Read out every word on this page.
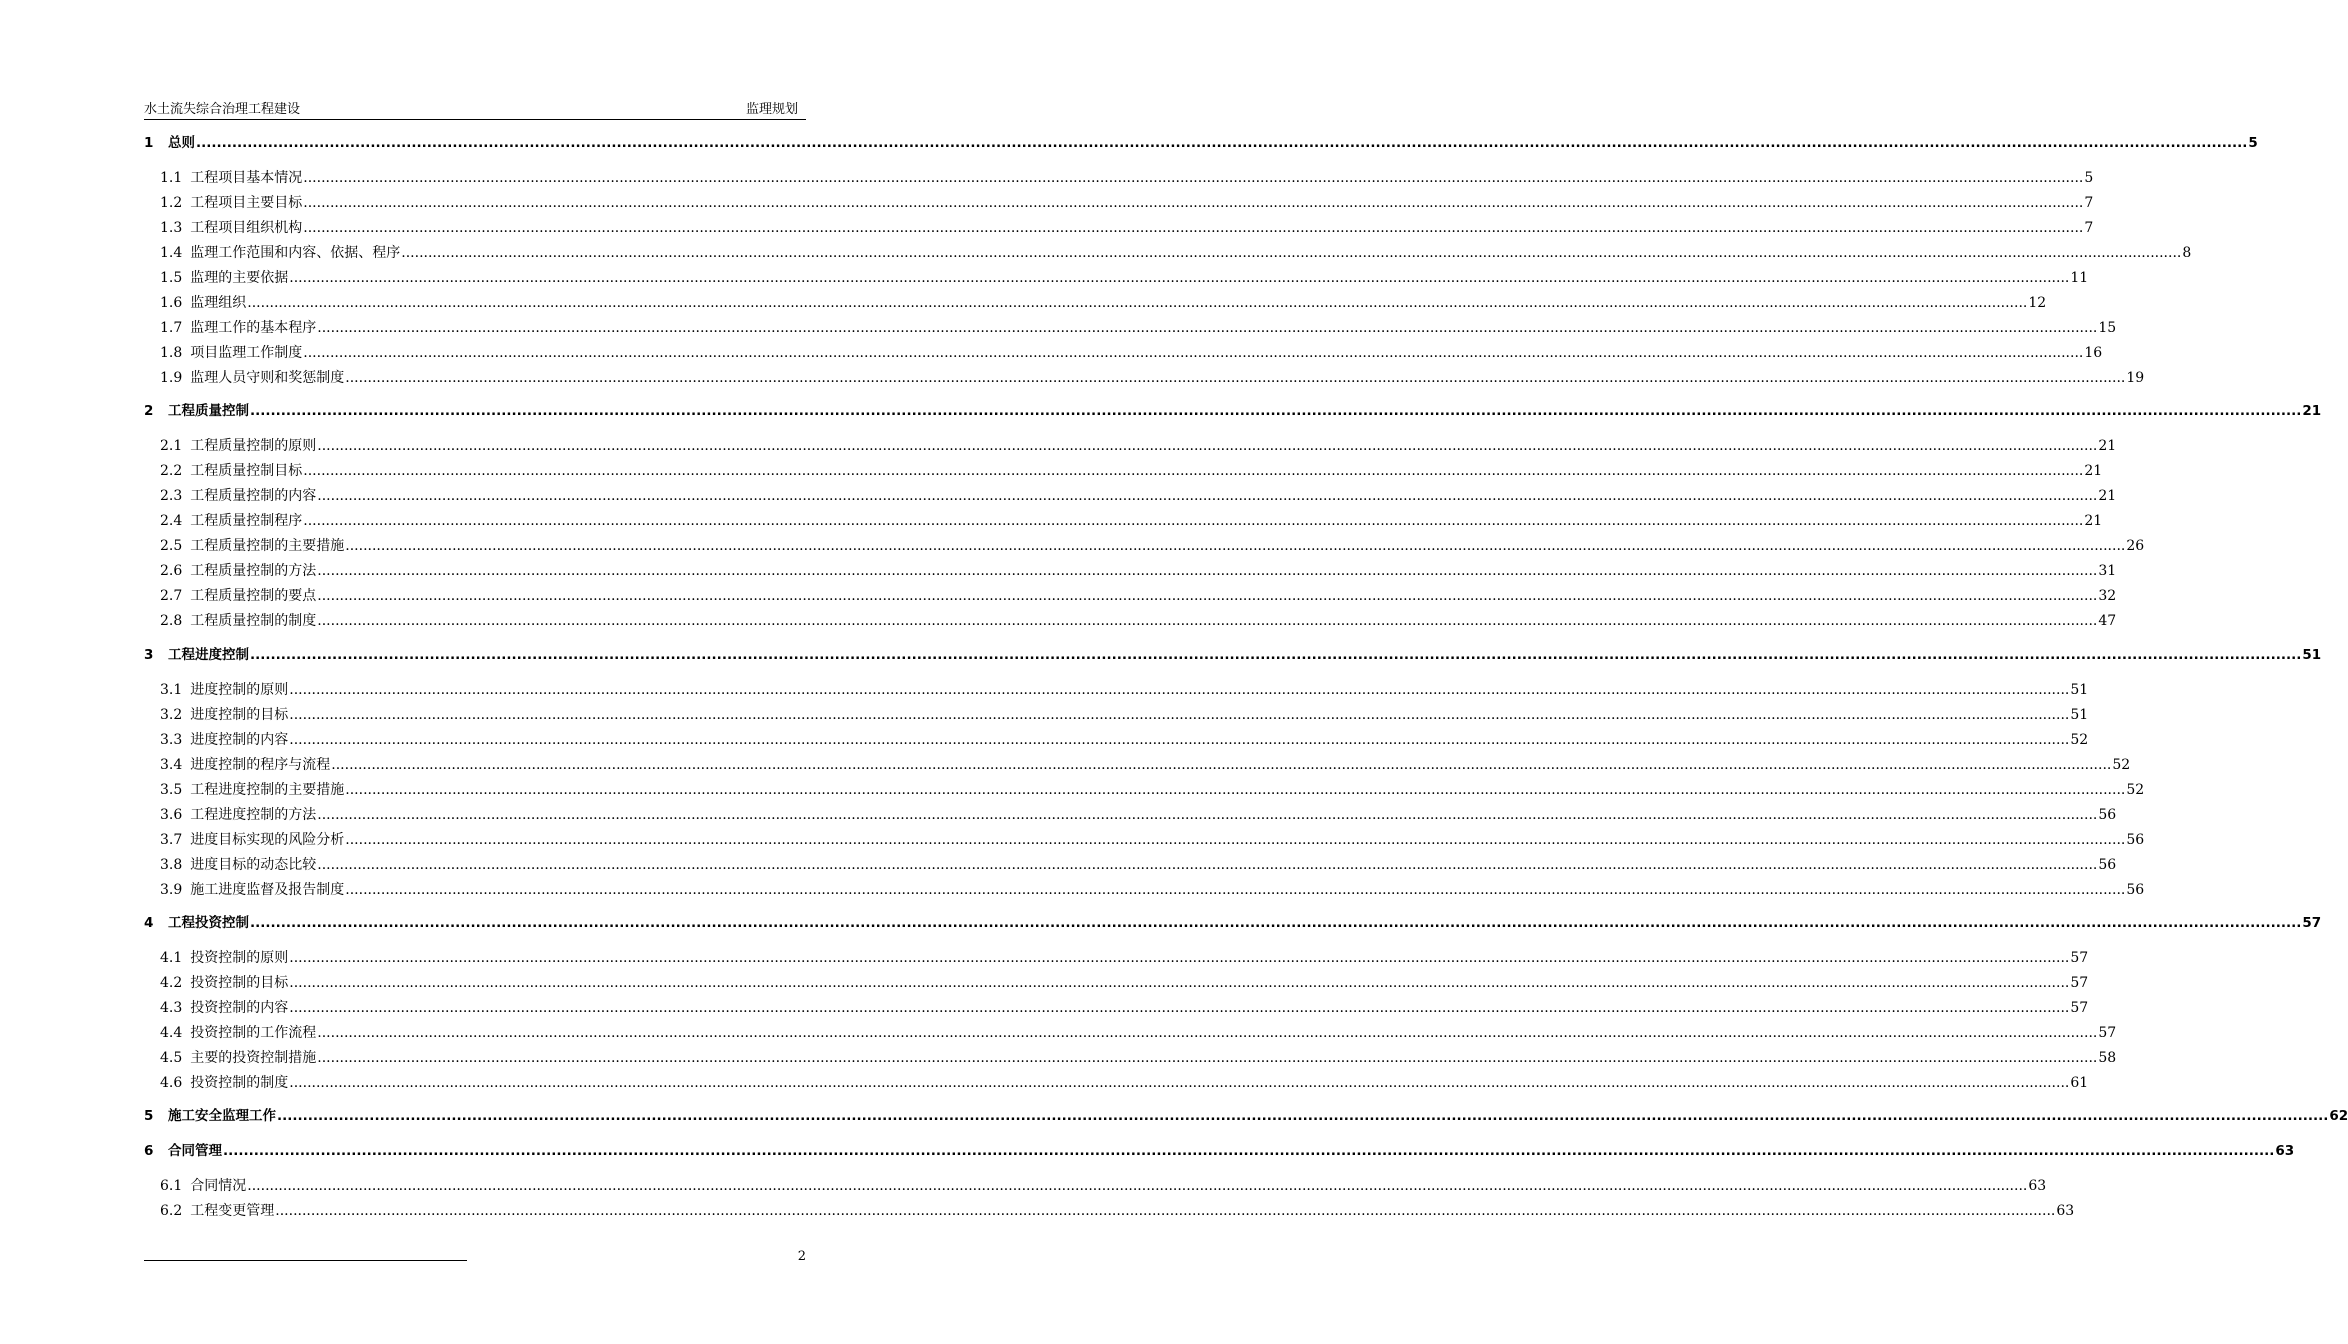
水土流失综合治理工程建设	监理规划
1	总则 ................................................................................................................................................................................................................................................................................................................................................................................................................ 5
1.1 工程项目基本情况 ................................................................................................................................................................................................................................................................................................................................................................................................................ 5
1.2 工程项目主要目标 ................................................................................................................................................................................................................................................................................................................................................................................................................ 7
1.3 工程项目组织机构 ................................................................................................................................................................................................................................................................................................................................................................................................................ 7
1.4 监理工作范围和内容、依据、程序 ................................................................................................................................................................................................................................................................................................................................................................................................................ 8
1.5 监理的主要依据 ................................................................................................................................................................................................................................................................................................................................................................................................................ 11
1.6 监理组织 ................................................................................................................................................................................................................................................................................................................................................................................................................ 12
1.7 监理工作的基本程序 ................................................................................................................................................................................................................................................................................................................................................................................................................ 15
1.8 项目监理工作制度 ................................................................................................................................................................................................................................................................................................................................................................................................................ 16
1.9 监理人员守则和奖惩制度 ................................................................................................................................................................................................................................................................................................................................................................................................................ 19
2	工程质量控制 ................................................................................................................................................................................................................................................................................................................................................................................................................ 21
2.1 工程质量控制的原则 ................................................................................................................................................................................................................................................................................................................................................................................................................ 21
2.2 工程质量控制目标 ................................................................................................................................................................................................................................................................................................................................................................................................................ 21
2.3 工程质量控制的内容 ................................................................................................................................................................................................................................................................................................................................................................................................................ 21
2.4 工程质量控制程序 ................................................................................................................................................................................................................................................................................................................................................................................................................ 21
2.5 工程质量控制的主要措施 ................................................................................................................................................................................................................................................................................................................................................................................................................ 26
2.6 工程质量控制的方法 ................................................................................................................................................................................................................................................................................................................................................................................................................ 31
2.7 工程质量控制的要点 ................................................................................................................................................................................................................................................................................................................................................................................................................ 32
2.8 工程质量控制的制度 ................................................................................................................................................................................................................................................................................................................................................................................................................ 47
3	工程进度控制 ................................................................................................................................................................................................................................................................................................................................................................................................................ 51
3.1 进度控制的原则 ................................................................................................................................................................................................................................................................................................................................................................................................................ 51
3.2 进度控制的目标 ................................................................................................................................................................................................................................................................................................................................................................................................................ 51
3.3 进度控制的内容 ................................................................................................................................................................................................................................................................................................................................................................................................................ 52
3.4 进度控制的程序与流程 ................................................................................................................................................................................................................................................................................................................................................................................................................ 52
3.5 工程进度控制的主要措施 ................................................................................................................................................................................................................................................................................................................................................................................................................ 52
3.6 工程进度控制的方法 ................................................................................................................................................................................................................................................................................................................................................................................................................ 56
3.7 进度目标实现的风险分析 ................................................................................................................................................................................................................................................................................................................................................................................................................ 56
3.8 进度目标的动态比较 ................................................................................................................................................................................................................................................................................................................................................................................................................ 56
3.9 施工进度监督及报告制度 ................................................................................................................................................................................................................................................................................................................................................................................................................ 56
4	工程投资控制 ................................................................................................................................................................................................................................................................................................................................................................................................................ 57
4.1 投资控制的原则 ................................................................................................................................................................................................................................................................................................................................................................................................................ 57
4.2 投资控制的目标 ................................................................................................................................................................................................................................................................................................................................................................................................................ 57
4.3 投资控制的内容 ................................................................................................................................................................................................................................................................................................................................................................................................................ 57
4.4 投资控制的工作流程 ................................................................................................................................................................................................................................................................................................................................................................................................................ 57
4.5 主要的投资控制措施 ................................................................................................................................................................................................................................................................................................................................................................................................................ 58
4.6 投资控制的制度 ................................................................................................................................................................................................................................................................................................................................................................................................................ 61
5	施工安全监理工作 ................................................................................................................................................................................................................................................................................................................................................................................................................ 62
6	合同管理 ................................................................................................................................................................................................................................................................................................................................................................................................................ 63
6.1 合同情况 ................................................................................................................................................................................................................................................................................................................................................................................................................ 63
6.2 工程变更管理 ................................................................................................................................................................................................................................................................................................................................................................................................................ 63
2
